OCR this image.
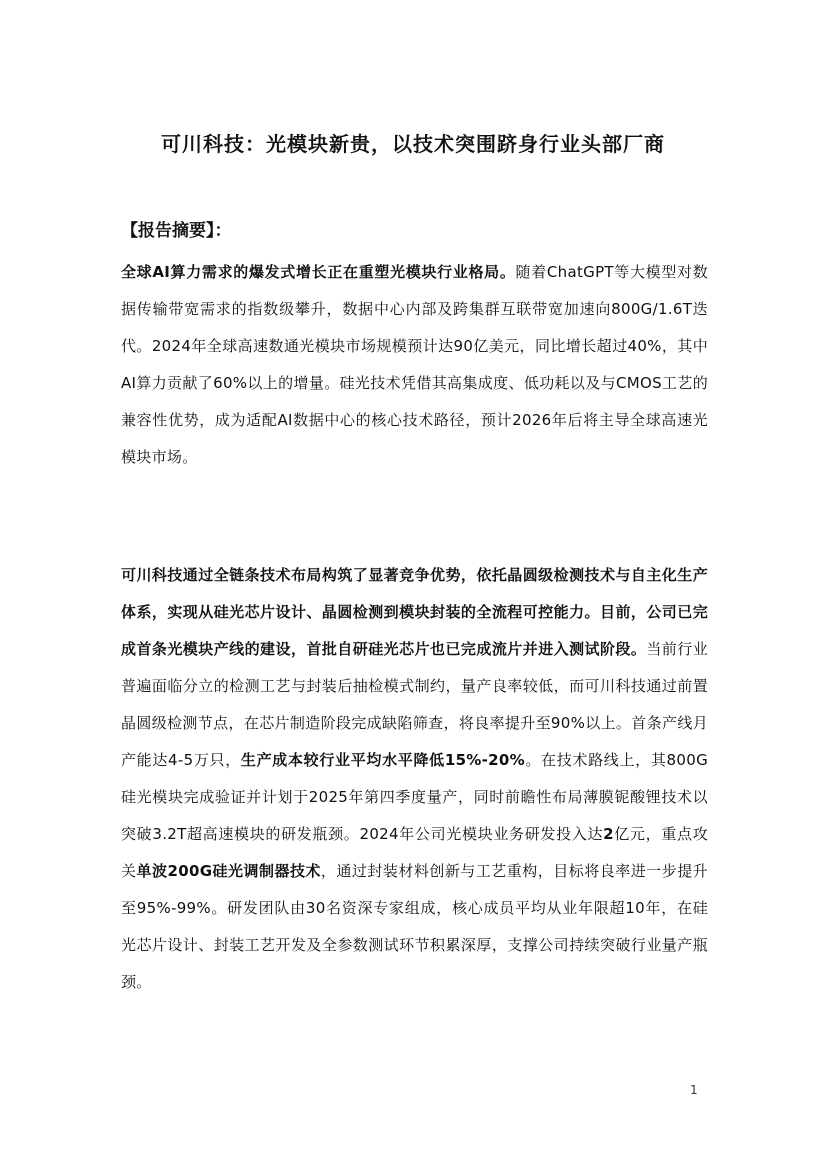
可川科技：光模块新贵，以技术突围跻身行业头部厂商
【报告摘要】：

全球AI算力需求的爆发式增长正在重塑光模块行业格局。随着ChatGPT等大模型对数据传输带宽需求的指数级攀升，数据中心内部及跨集群互联带宽加速向800G/1.6T迭代。2024年全球高速数通光模块市场规模预计达90亿美元，同比增长超过40%，其中AI算力贡献了60%以上的增量。硅光技术凭借其高集成度、低功耗以及与CMOS工艺的兼容性优势，成为适配AI数据中心的核心技术路径，预计2026年后将主导全球高速光模块市场。

可川科技通过全链条技术布局构筑了显著竞争优势，依托晶圆级检测技术与自主化生产体系，实现从硅光芯片设计、晶圆检测到模块封装的全流程可控能力。目前，公司已完成首条光模块产线的建设，首批自研硅光芯片也已完成流片并进入测试阶段。当前行业普遍面临分立的检测工艺与封装后抽检模式制约，量产良率较低，而可川科技通过前置晶圆级检测节点，在芯片制造阶段完成缺陷筛查，将良率提升至90%以上。首条产线月产能达4-5万只，生产成本较行业平均水平降低15%-20%。在技术路线上，其800G硅光模块完成验证并计划于2025年第四季度量产，同时前瞻性布局薄膜铌酸锂技术以突破3.2T超高速模块的研发瓶颈。2024年公司光模块业务研发投入达2亿元，重点攻关单波200G硅光调制器技术，通过封装材料创新与工艺重构，目标将良率进一步提升至95%-99%。研发团队由30名资深专家组成，核心成员平均从业年限超10年，在硅光芯片设计、封装工艺开发及全参数测试环节积累深厚，支撑公司持续突破行业量产瓶颈。

1
